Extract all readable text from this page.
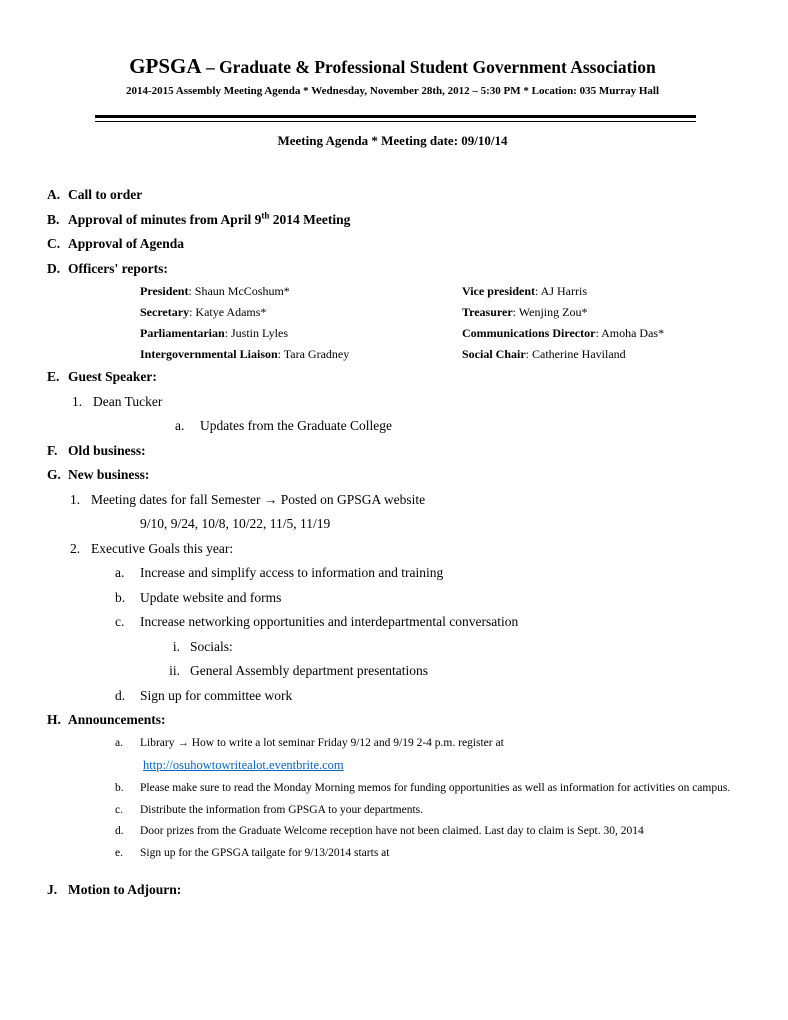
GPSGA – Graduate & Professional Student Government Association
2014-2015 Assembly Meeting Agenda * Wednesday, November 28th, 2012 – 5:30 PM * Location: 035 Murray Hall
Meeting Agenda * Meeting date: 09/10/14
A. Call to order
B. Approval of minutes from April 9th 2014 Meeting
C. Approval of Agenda
D. Officers' reports:
President: Shaun McCoshum*	Vice president: AJ Harris
Secretary: Katye Adams*	Treasurer: Wenjing Zou*
Parliamentarian: Justin Lyles	Communications Director: Amoha Das*
Intergovernmental Liaison: Tara Gradney	Social Chair: Catherine Haviland
E. Guest Speaker:
1. Dean Tucker
a.	Updates from the Graduate College
F. Old business:
G. New business:
1. Meeting dates for fall Semester → Posted on GPSGA website
9/10, 9/24, 10/8, 10/22, 11/5, 11/19
2. Executive Goals this year:
a.	Increase and simplify access to information and training
b.	Update website and forms
c.	Increase networking opportunities and interdepartmental conversation
i. Socials:
ii. General Assembly department presentations
d.	Sign up for committee work
H. Announcements:
a.	Library → How to write a lot seminar Friday 9/12 and 9/19 2-4 p.m. register at
http://osuhowtowritealot.eventbrite.com
b.	Please make sure to read the Monday Morning memos for funding opportunities as well as information for activities on campus.
c.	Distribute the information from GPSGA to your departments.
d.	Door prizes from the Graduate Welcome reception have not been claimed. Last day to claim is Sept. 30, 2014
e.	Sign up for the GPSGA tailgate for 9/13/2014 starts at
J. Motion to Adjourn:
